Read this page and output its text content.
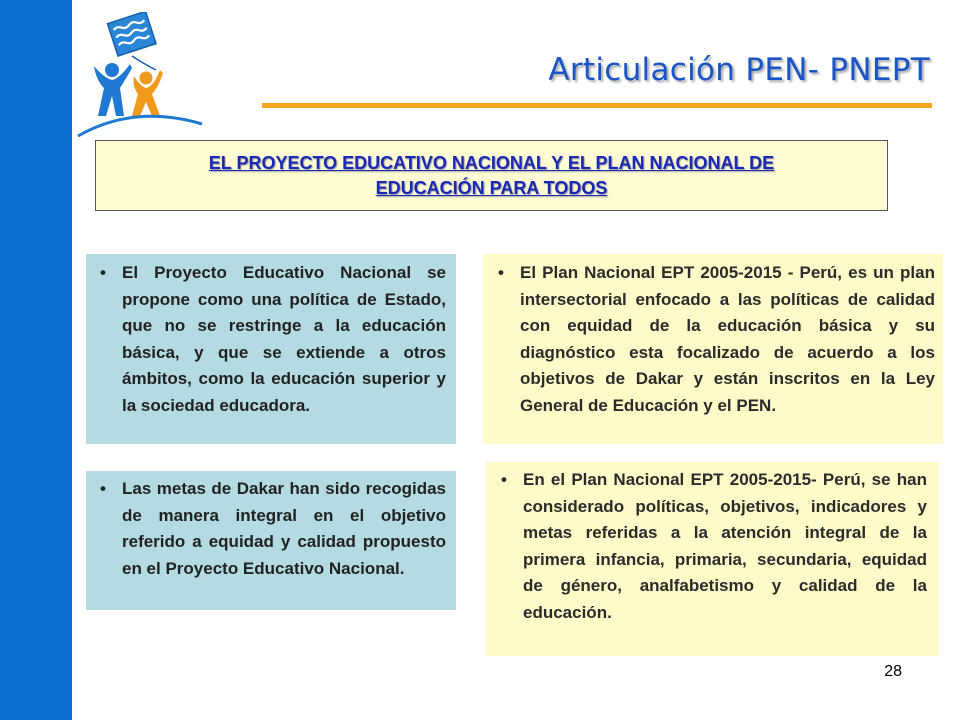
Articulación PEN- PNEPT

EL PROYECTO EDUCATIVO NACIONAL Y EL PLAN NACIONAL DE
EDUCACIÓN PARA TODOS

• El Proyecto Educativo Nacional se propone como una política de Estado, que no se restringe a la educación básica, y que se extiende a otros ámbitos, como la educación superior y la sociedad educadora.

• El Plan Nacional EPT 2005-2015 - Perú, es un plan intersectorial enfocado a las políticas de calidad con equidad de la educación básica y su diagnóstico esta focalizado de acuerdo a los objetivos de Dakar y están inscritos en la Ley General de Educación y el PEN.

• Las metas de Dakar han sido recogidas de manera integral en el objetivo referido a equidad y calidad propuesto en el Proyecto Educativo Nacional.

• En el Plan Nacional EPT 2005-2015- Perú, se han considerado políticas, objetivos, indicadores y metas referidas a la atención integral de la primera infancia, primaria, secundaria, equidad de género, analfabetismo y calidad de la educación.

28
